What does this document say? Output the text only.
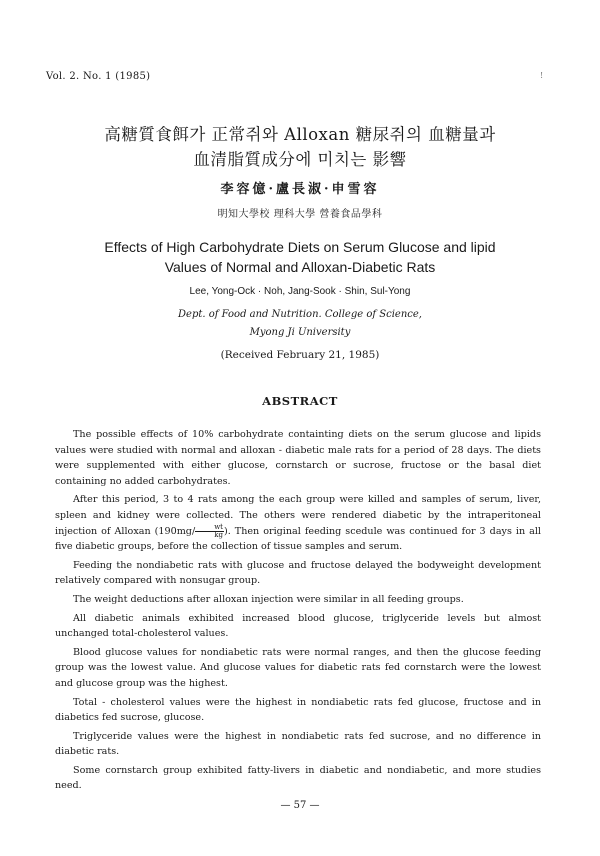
Vol. 2. No. 1 (1985)	!
高糖質食餌가 正常쥐와 Alloxan 糖尿쥐의 血糖量과
血清脂質成分에 미치는 影響
李容億·盧長淑·申雪容
明知大學校 理科大學 營養食品學科
Effects of High Carbohydrate Diets on Serum Glucose and lipid
Values of Normal and Alloxan-Diabetic Rats
Lee, Yong-Ock · Noh, Jang-Sook · Shin, Sul-Yong
Dept. of Food and Nutrition. College of Science,
Myong Ji University
(Received February 21, 1985)
ABSTRACT

The possible effects of 10% carbohydrate containting diets on the serum glucose and lipids values were studied with normal and alloxan - diabetic male rats for a period of 28 days. The diets were supplemented with either glucose, cornstarch or sucrose, fructose or the basal diet containing no added carbohydrates.

After this period, 3 to 4 rats among the each group were killed and samples of serum, liver, spleen and kidney were collected. The others were rendered diabetic by the intraperitoneal injection of Alloxan ($190mg/ \frac{wt}{kg}$ ). Then original feeding scedule was continued for 3 days in all five diabetic groups, before the collection of tissue samples and serum.

Feeding the nondiabetic rats with glucose and fructose delayed the bodyweight development relatively compared with nonsugar group.

The weight deductions after alloxan injection were similar in all feeding groups.

All diabetic animals exhibited increased blood glucose, triglyceride levels but almost unchanged total-cholesterol values.

Blood glucose values for nondiabetic rats were normal ranges, and then the glucose feeding group was the lowest value. And glucose values for diabetic rats fed cornstarch were the lowest and glucose group was the highest.

Total - cholesterol values were the highest in nondiabetic rats fed glucose, fructose and in diabetics fed sucrose, glucose.

Triglyceride values were the highest in nondiabetic rats fed sucrose, and no difference in diabetic rats.

Some cornstarch group exhibited fatty-livers in diabetic and nondiabetic, and more studies need.

— 57 —
